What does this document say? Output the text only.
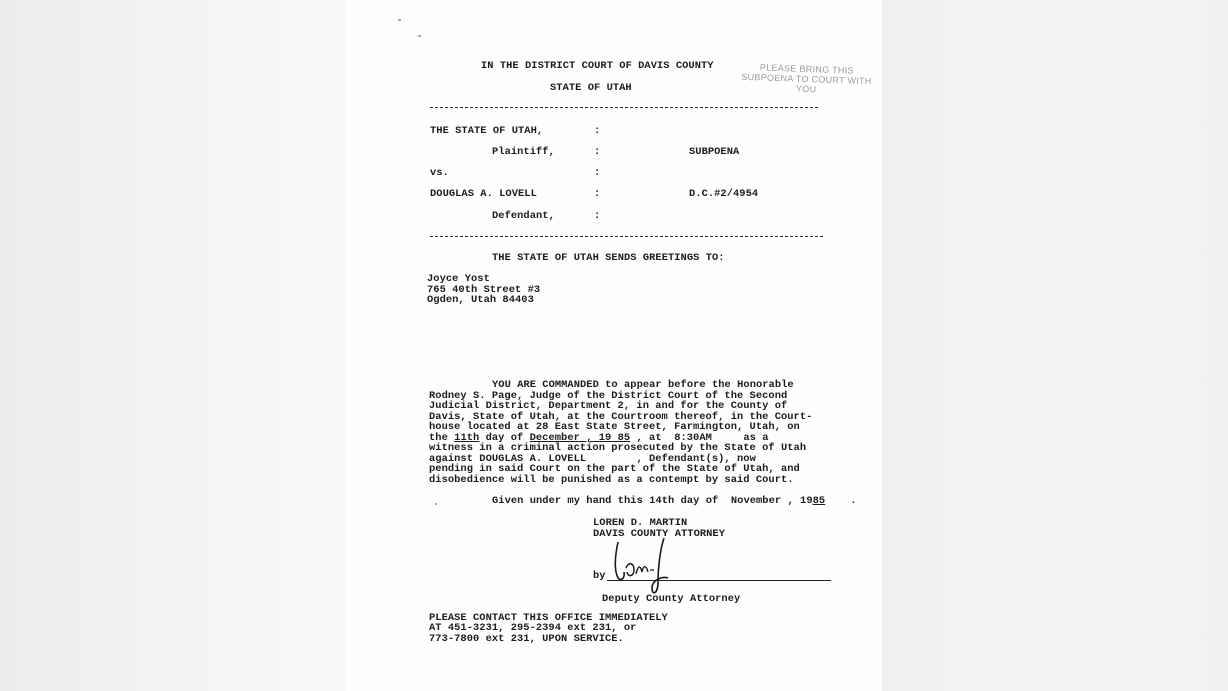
IN THE DISTRICT COURT OF DAVIS COUNTY
STATE OF UTAH
PLEASE BRING THIS
SUBPOENA TO COURT WITH YOU
THE STATE OF UTAH,	:
Plaintiff,	:	SUBPOENA
vs.	:
DOUGLAS A. LOVELL	:	D.C.#2/4954
Defendant,	:
THE STATE OF UTAH SENDS GREETINGS TO:
Joyce Yost
765 40th Street #3
Ogden, Utah 84403
YOU ARE COMMANDED to appear before the Honorable
Rodney S. Page, Judge of the District Court of the Second
Judicial District, Department 2, in and for the County of
Davis, State of Utah, at the Courtroom thereof, in the Court-
house located at 28 East State Street, Farmington, Utah, on
the 11th day of December , 19 85 , at  8:30AM     as a
witness in a criminal action prosecuted by the State of Utah
against DOUGLAS A. LOVELL        , Defendant(s), now
pending in said Court on the part of the State of Utah, and
disobedience will be punished as a contempt by said Court.
Given under my hand this 14th day of  November , 1985    .
LOREN D. MARTIN
DAVIS COUNTY ATTORNEY
by
Deputy County Attorney
PLEASE CONTACT THIS OFFICE IMMEDIATELY
AT 451-3231, 295-2394 ext 231, or
773-7800 ext 231, UPON SERVICE.
